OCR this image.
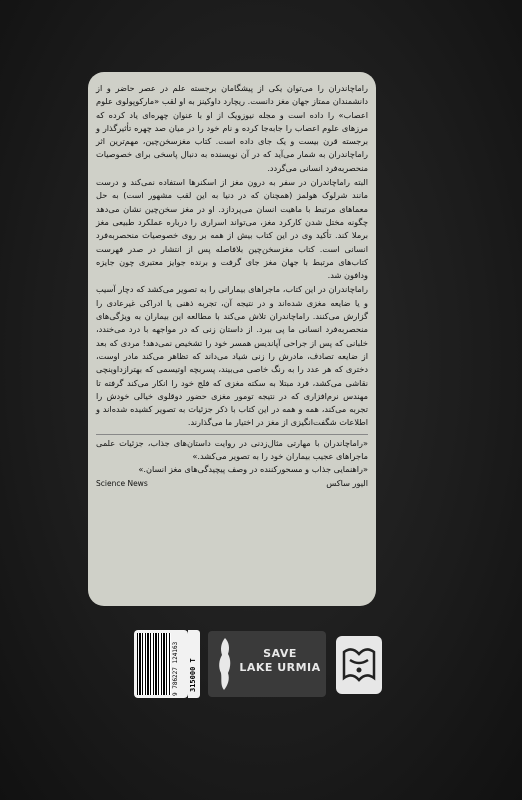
راماچاندران را می‌توان یکی از پیشگامان برجسته علم در عصر حاضر و از دانشمندان ممتاز جهان مغز دانست. ریچارد داوکینز به او لقب «مارکوپولوی علوم اعصاب» را داده است و مجله نیوزویک از او با عنوان چهره‌ای یاد کرده که مرزهای علوم اعصاب را جابه‌جا کرده و نام خود را در میان صد چهره تأثیرگذار و برجسته قرن بیست و یک جای داده است. کتاب مغزسخن‌چین، مهم‌ترین اثر راماچاندران به شمار می‌آید که در آن نویسنده به دنبال پاسخی برای خصوصیات منحصربه‌فرد انسانی می‌گردد.

البته راماچاندران در سفر به درون مغز از اسکنر‌ها استفاده نمی‌کند و درست مانند شرلوک هولمز (همچنان که در دنیا به این لقب مشهور است) به حل معماهای مرتبط با ماهیت انسان می‌پردازد. او در مغز سخن‌چین نشان می‌دهد چگونه مختل شدن کارکرد مغز، می‌تواند اسراری را درباره عملکرد طبیعی مغز برملا کند. تأکید وی در این کتاب بیش از همه بر روی خصوصیات منحصربه‌فرد انسانی است. کتاب مغزسخن‌چین بلافاصله پس از انتشار در صدر فهرست کتاب‌های مرتبط با جهان مغز جای گرفت و برنده جوایز معتبری چون جایزه ودافون شد.

راماچاندران در این کتاب، ماجراهای بیمارانی را به تصویر می‌کشد که دچار آسیب و یا ضایعه مغزی شده‌اند و در نتیجه آن، تجربه ذهنی یا ادراکی غیرعادی را گزارش می‌کنند. راماچاندران تلاش می‌کند با مطالعه این بیماران به ویژگی‌های منحصربه‌فرد انسانی ما پی ببرد. از داستان زنی که در مواجهه با درد می‌خندد، خلبانی که پس از جراحی آپاندیس همسر خود را تشخیص نمی‌دهد! مردی که بعد از ضایعه تصادف، مادرش را زنی شیاد می‌داند که تظاهر می‌کند مادر اوست، دختری که هر عدد را به رنگ خاصی می‌بیند، پسربچه اوتیسمی که بهترازداوینچی نقاشی می‌کشد، فرد مبتلا به سکته مغزی که فلج خود را انکار می‌کند گرفته تا مهندس نرم‌افزاری که در نتیجه تومور مغزی حضور دوقلوی خیالی خودش را تجربه می‌کند، همه و همه در این کتاب با ذکر جزئیات به تصویر کشیده شده‌اند و اطلاعات شگفت‌انگیزی از مغز در اختیار ما می‌گذارند.

«راماچاندران با مهارتی مثال‌زدنی در روایت داستان‌های جذاب، جزئیات علمی ماجراهای عجیب بیماران خود را به تصویر می‌کشد.»
«راهنمایی جذاب و مسحورکننده در وصف پیچیدگی‌های مغز انسان.»
الیور ساکس
Science News
9 786227 124163	315000 T
SAVE
LAKE URMIA
